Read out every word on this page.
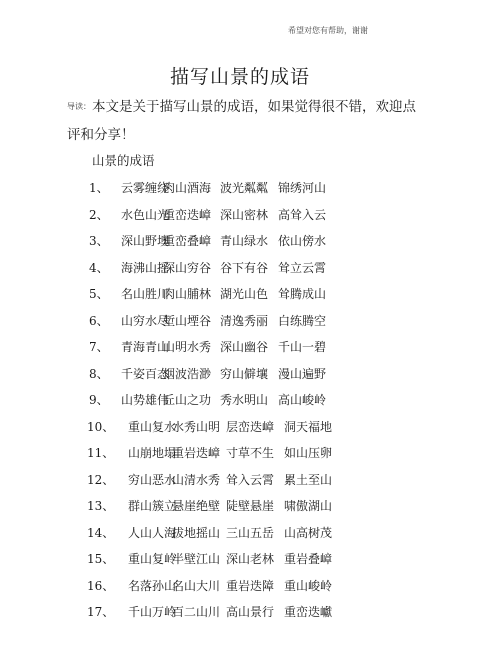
希望对您有帮助，谢谢
描写山景的成语
导读： 本文是关于描写山景的成语，如果觉得很不错，欢迎点
评和分享！
山景的成语
1、 云雾缠绕
肉山酒海 波光粼粼 锦绣河山
2、 水色山光
重峦迭嶂 深山密林 高耸入云
3、 深山野墺
重峦叠嶂 青山绿水 依山傍水
4、 海沸山摇
深山穷谷 谷下有谷 耸立云霄
5、 名山胜川
肉山脯林 湖光山色 耸腾成山
6、 山穷水尽
堑山堙谷 清逸秀丽 白练腾空
7、 青海青山
山明水秀 深山幽谷 千山一碧
8、 千姿百态
烟波浩渺 穷山僻壤 漫山遍野
9、 山势雄伟
丘山之功 秀水明山 高山峻岭
10、 重山复水
水秀山明 层峦迭嶂 洞天福地
11、 山崩地塌
重岩迭嶂 寸草不生 如山压卵
12、 穷山恶水
山清水秀 耸入云霄 累土至山
13、 群山簇立
悬崖绝壁 陡壁悬崖 啸傲湖山
14、 人山人海
拔地摇山 三山五岳 山高树茂
15、 重山复岭
半壁江山 深山老林 重岩叠嶂
16、 名落孙山
名山大川 重岩迭障 重山峻岭
17、 千山万岭
百二山川 高山景行 重峦迭巘
